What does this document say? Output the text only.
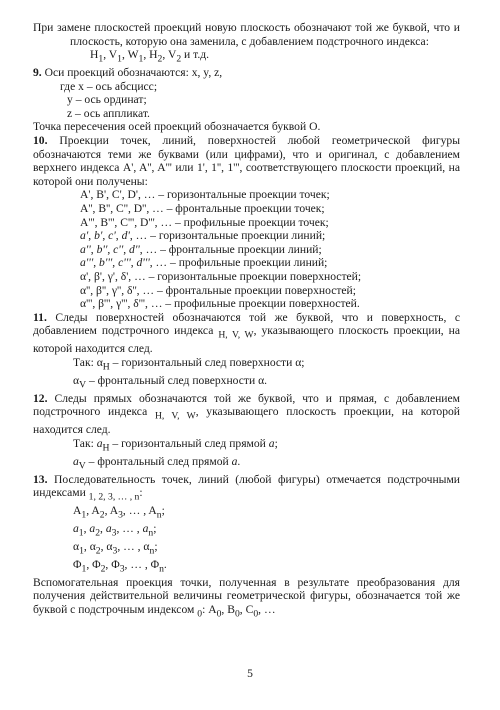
При замене плоскостей проекций новую плоскость обозначают той же буквой, что и плоскость, которую она заменила, с добавлением подстрочного индекса:

$H_1$, $V_1$, $W_1$, $H_2$, $V_2$ и т.д.

9. Оси проекций обозначаются: x, y, z,

где x – ось абсцисс;

y – ось ординат;

z – ось аппликат.

Точка пересечения осей проекций обозначается буквой O.

10. Проекции точек, линий, поверхностей любой геометрической фигуры обозначаются теми же буквами (или цифрами), что и оригинал, с добавлением верхнего индекса A', A'', A''' или 1', 1'', 1''', соответствующего плоскости проекций, на которой они получены:

A', B', C', D', … – горизонтальные проекции точек;

A'', B'', C'', D'', … – фронтальные проекции точек;

A''', B''', C''', D''', … – профильные проекции точек;

a', b', c', d', … – горизонтальные проекции линий;

a'', b'', c'', d'', … – фронтальные проекции линий;

a''', b''', c''', d''', … – профильные проекции линий;

α', β', γ', δ', … – горизонтальные проекции поверхностей;

α'', β'', γ'', δ'', … – фронтальные проекции поверхностей;

α''', β''', γ''', δ''', … – профильные проекции поверхностей.

11. Следы поверхностей обозначаются той же буквой, что и поверхность, с добавлением подстрочного индекса $_{H, V, W}$, указывающего плоскость проекции, на которой находится след.

Так: $\alpha_H$ – горизонтальный след поверхности α;

$\alpha_V$ – фронтальный след поверхности α.

12. Следы прямых обозначаются той же буквой, что и прямая, с добавлением подстрочного индекса $_{H, V, W}$, указывающего плоскость проекции, на которой находится след.

Так: $a_H$ – горизонтальный след прямой a;

$a_V$ – фронтальный след прямой a.

13. Последовательность точек, линий (любой фигуры) отмечается подстрочными индексами $_{1, 2, 3, \dots , n}$:

$A_1$, $A_2$, $A_3$, … , $A_n$;

$a_1$, $a_2$, $a_3$, … , $a_n$;

$\alpha_1$, $\alpha_2$, $\alpha_3$, … , $\alpha_n$;

$\Phi_1$, $\Phi_2$, $\Phi_3$, … , $\Phi_n$.

Вспомогательная проекция точки, полученная в результате преобразования для получения действительной величины геометрической фигуры, обозначается той же буквой с подстрочным индексом $_0$: $A_0$, $B_0$, $C_0$, …

5
